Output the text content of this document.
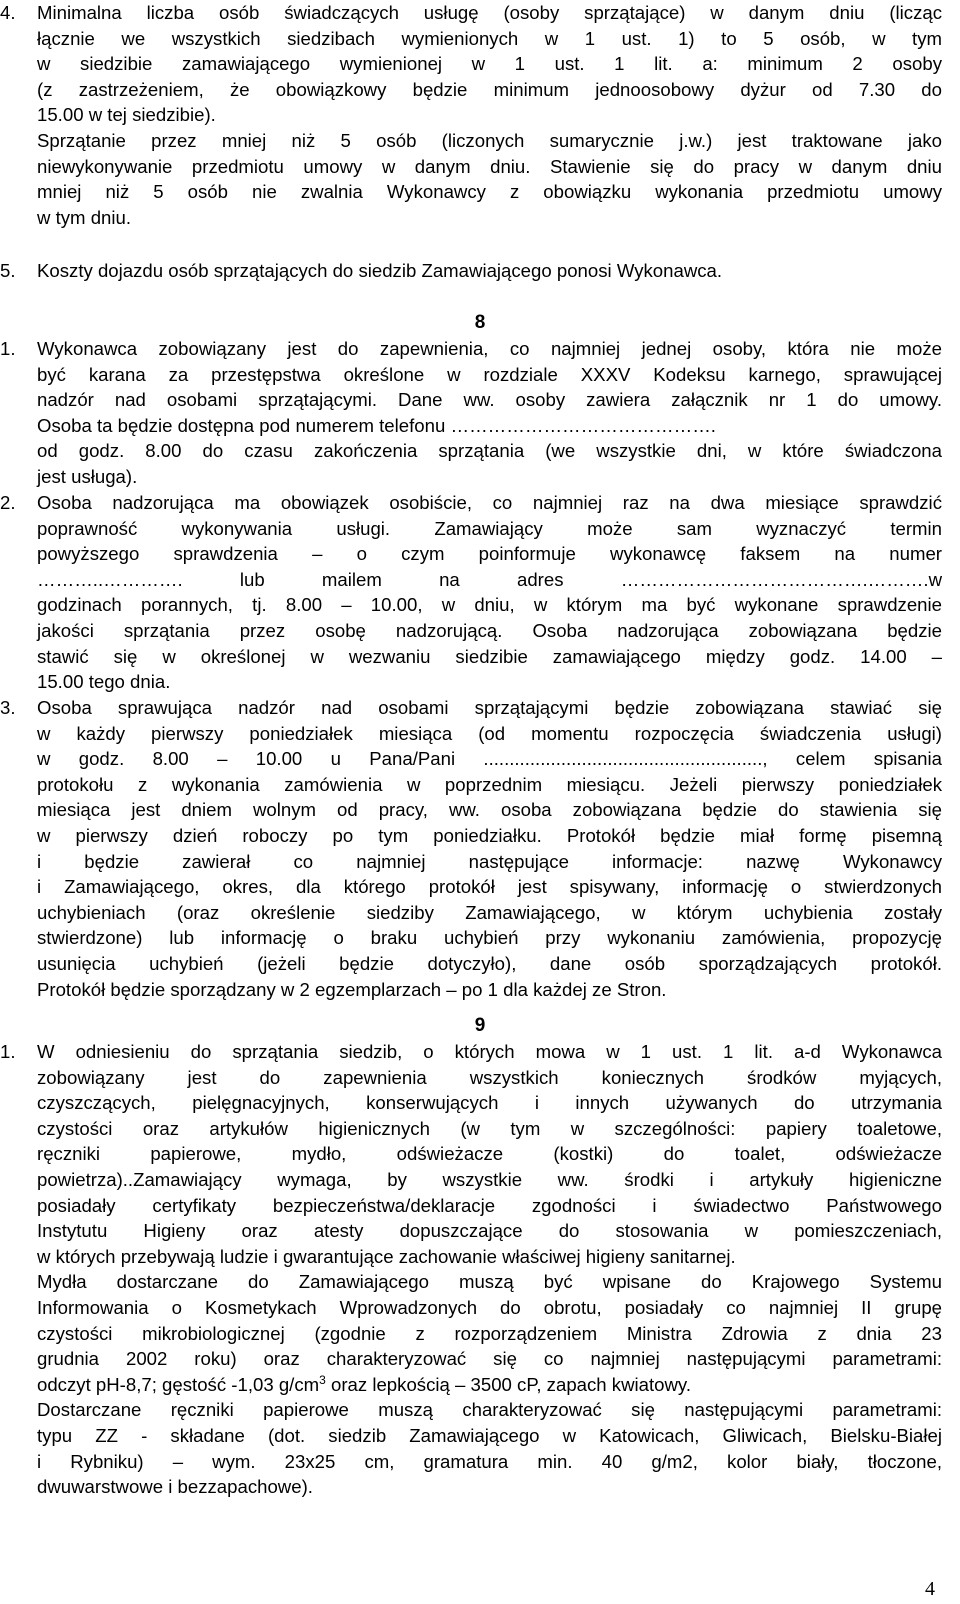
4.	Minimalna liczba osób świadczących usługę (osoby sprzątające) w danym dniu (licząc
łącznie we wszystkich siedzibach wymienionych w 1 ust. 1) to 5 osób, w tym
w siedzibie zamawiającego wymienionej w 1 ust. 1 lit. a: minimum 2 osoby
(z zastrzeżeniem, że obowiązkowy będzie minimum jednoosobowy dyżur od 7.30 do
15.00 w tej siedzibie).
Sprzątanie przez mniej niż 5 osób (liczonych sumarycznie j.w.) jest traktowane jako
niewykonywanie przedmiotu umowy w danym dniu. Stawienie się do pracy w danym dniu
mniej niż 5 osób nie zwalnia Wykonawcy z obowiązku wykonania przedmiotu umowy
w tym dniu.
5.	Koszty dojazdu osób sprzątających do siedzib Zamawiającego ponosi Wykonawca.
8
1.	Wykonawca zobowiązany jest do zapewnienia, co najmniej jednej osoby, która nie może
być karana za przestępstwa określone w rozdziale XXXV Kodeksu karnego, sprawującej
nadzór nad osobami sprzątającymi. Dane ww. osoby zawiera załącznik nr 1 do umowy.
Osoba ta będzie dostępna pod numerem telefonu …………………………………….
od godz. 8.00 do czasu zakończenia sprzątania (we wszystkie dni, w które świadczona
jest usługa).
2.	Osoba nadzorująca ma obowiązek osobiście, co najmniej raz na dwa miesiące sprawdzić
poprawność wykonywania usługi. Zamawiający może sam wyznaczyć termin
powyższego sprawdzenia – o czym poinformuje wykonawcę faksem na numer
………..…………. lub mailem na adres ………………………………….……….w
godzinach porannych, tj. 8.00 – 10.00, w dniu, w którym ma być wykonane sprawdzenie
jakości sprzątania przez osobę nadzorującą. Osoba nadzorująca zobowiązana będzie
stawić się w określonej w wezwaniu siedzibie zamawiającego między godz. 14.00 –
15.00 tego dnia.
3.	Osoba sprawująca nadzór nad osobami sprzątającymi będzie zobowiązana stawiać się
w każdy pierwszy poniedziałek miesiąca (od momentu rozpoczęcia świadczenia usługi)
w godz. 8.00 – 10.00 u Pana/Pani ......................................................, celem spisania
protokołu z wykonania zamówienia w poprzednim miesiącu. Jeżeli pierwszy poniedziałek
miesiąca jest dniem wolnym od pracy, ww. osoba zobowiązana będzie do stawienia się
w pierwszy dzień roboczy po tym poniedziałku. Protokół będzie miał formę pisemną
i będzie zawierał co najmniej następujące informacje: nazwę Wykonawcy
i Zamawiającego, okres, dla którego protokół jest spisywany, informację o stwierdzonych
uchybieniach (oraz określenie siedziby Zamawiającego, w którym uchybienia zostały
stwierdzone) lub informację o braku uchybień przy wykonaniu zamówienia, propozycję
usunięcia uchybień (jeżeli będzie dotyczyło), dane osób sporządzających protokół.
Protokół będzie sporządzany w 2 egzemplarzach – po 1 dla każdej ze Stron.
9
1.	W odniesieniu do sprzątania siedzib, o których mowa w 1 ust. 1 lit. a-d Wykonawca
zobowiązany jest do zapewnienia wszystkich koniecznych środków myjących,
czyszczących, pielęgnacyjnych, konserwujących i innych używanych do utrzymania
czystości oraz artykułów higienicznych (w tym w szczególności: papiery toaletowe,
ręczniki papierowe, mydło, odświeżacze (kostki) do toalet, odświeżacze
powietrza)..Zamawiający wymaga, by wszystkie ww. środki i artykuły higieniczne
posiadały certyfikaty bezpieczeństwa/deklaracje zgodności i świadectwo Państwowego
Instytutu Higieny oraz atesty dopuszczające do stosowania w pomieszczeniach,
w których przebywają ludzie i gwarantujące zachowanie właściwej higieny sanitarnej.
Mydła dostarczane do Zamawiającego muszą być wpisane do Krajowego Systemu
Informowania o Kosmetykach Wprowadzonych do obrotu, posiadały co najmniej II grupę
czystości mikrobiologicznej (zgodnie z rozporządzeniem Ministra Zdrowia z dnia 23
grudnia 2002 roku) oraz charakteryzować się co najmniej następującymi parametrami:
odczyt pH-8,7; gęstość -1,03 $g/cm^3$ oraz lepkością – 3500 cP, zapach kwiatowy.
Dostarczane ręczniki papierowe muszą charakteryzować się następującymi parametrami:
typu ZZ - składane (dot. siedzib Zamawiającego w Katowicach, Gliwicach, Bielsku-Białej
i Rybniku) – wym. 23x25 cm, gramatura min. 40 g/m2, kolor biały, tłoczone,
dwuwarstwowe i bezzapachowe).
4
